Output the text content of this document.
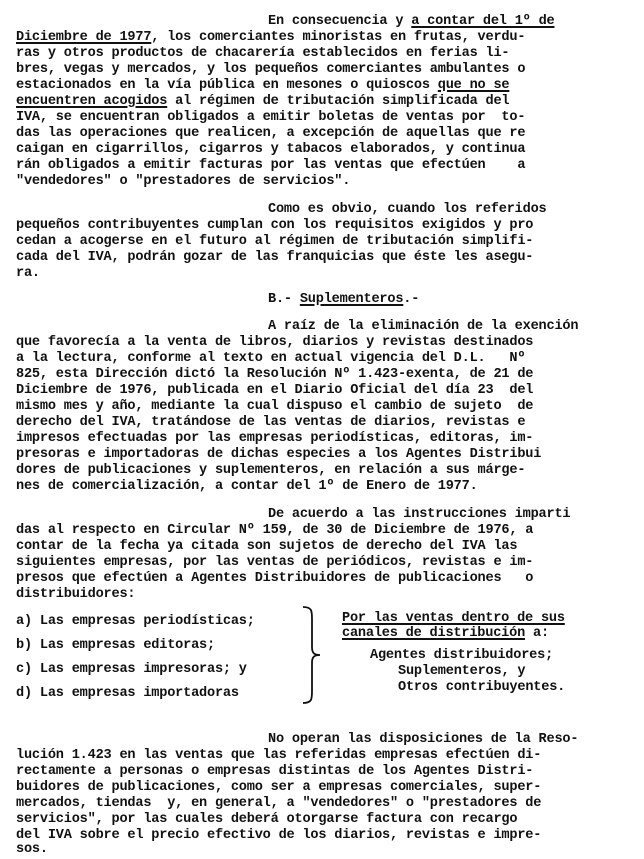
En consecuencia y a contar del 1º de
Diciembre de 1977, los comerciantes minoristas en frutas, verdu-
ras y otros productos de chacarería establecidos en ferias li-
bres, vegas y mercados, y los pequeños comerciantes ambulantes o
estacionados en la vía pública en mesones o quioscos que no se
encuentren acogidos al régimen de tributación simplificada del
IVA, se encuentran obligados a emitir boletas de ventas por  to-
das las operaciones que realicen, a excepción de aquellas que re
caigan en cigarrillos, cigarros y tabacos elaborados, y continua
rán obligados a emitir facturas por las ventas que efectúen    a
"vendedores" o "prestadores de servicios".
Como es obvio, cuando los referidos
pequeños contribuyentes cumplan con los requisitos exigidos y pro
cedan a acogerse en el futuro al régimen de tributación simplifi-
cada del IVA, podrán gozar de las franquicias que éste les asegu-
ra.
B.- Suplementeros.-
A raíz de la eliminación de la exención
que favorecía a la venta de libros, diarios y revistas destinados
a la lectura, conforme al texto en actual vigencia del D.L.   Nº
825, esta Dirección dictó la Resolución Nº 1.423-exenta, de 21 de
Diciembre de 1976, publicada en el Diario Oficial del día 23  del
mismo mes y año, mediante la cual dispuso el cambio de sujeto  de
derecho del IVA, tratándose de las ventas de diarios, revistas e
impresos efectuadas por las empresas periodísticas, editoras, im-
presoras e importadoras de dichas especies a los Agentes Distribui
dores de publicaciones y suplementeros, en relación a sus márge-
nes de comercialización, a contar del 1º de Enero de 1977.
De acuerdo a las instrucciones imparti
das al respecto en Circular Nº 159, de 30 de Diciembre de 1976, a
contar de la fecha ya citada son sujetos de derecho del IVA las
siguientes empresas, por las ventas de periódicos, revistas e im-
presos que efectúen a Agentes Distribuidores de publicaciones   o
distribuidores:
a) Las empresas periodísticas;
b) Las empresas editoras;
c) Las empresas impresoras; y
d) Las empresas importadoras
Por las ventas dentro de sus
canales de distribución a:
Agentes distribuidores;
Suplementeros, y
Otros contribuyentes.
No operan las disposiciones de la Reso-
lución 1.423 en las ventas que las referidas empresas efectúen di-
rectamente a personas o empresas distintas de los Agentes Distri-
buidores de publicaciones, como ser a empresas comerciales, super-
mercados, tiendas  y, en general, a "vendedores" o "prestadores de
servicios", por las cuales deberá otorgarse factura con recargo
del IVA sobre el precio efectivo de los diarios, revistas e impre-
sos.
